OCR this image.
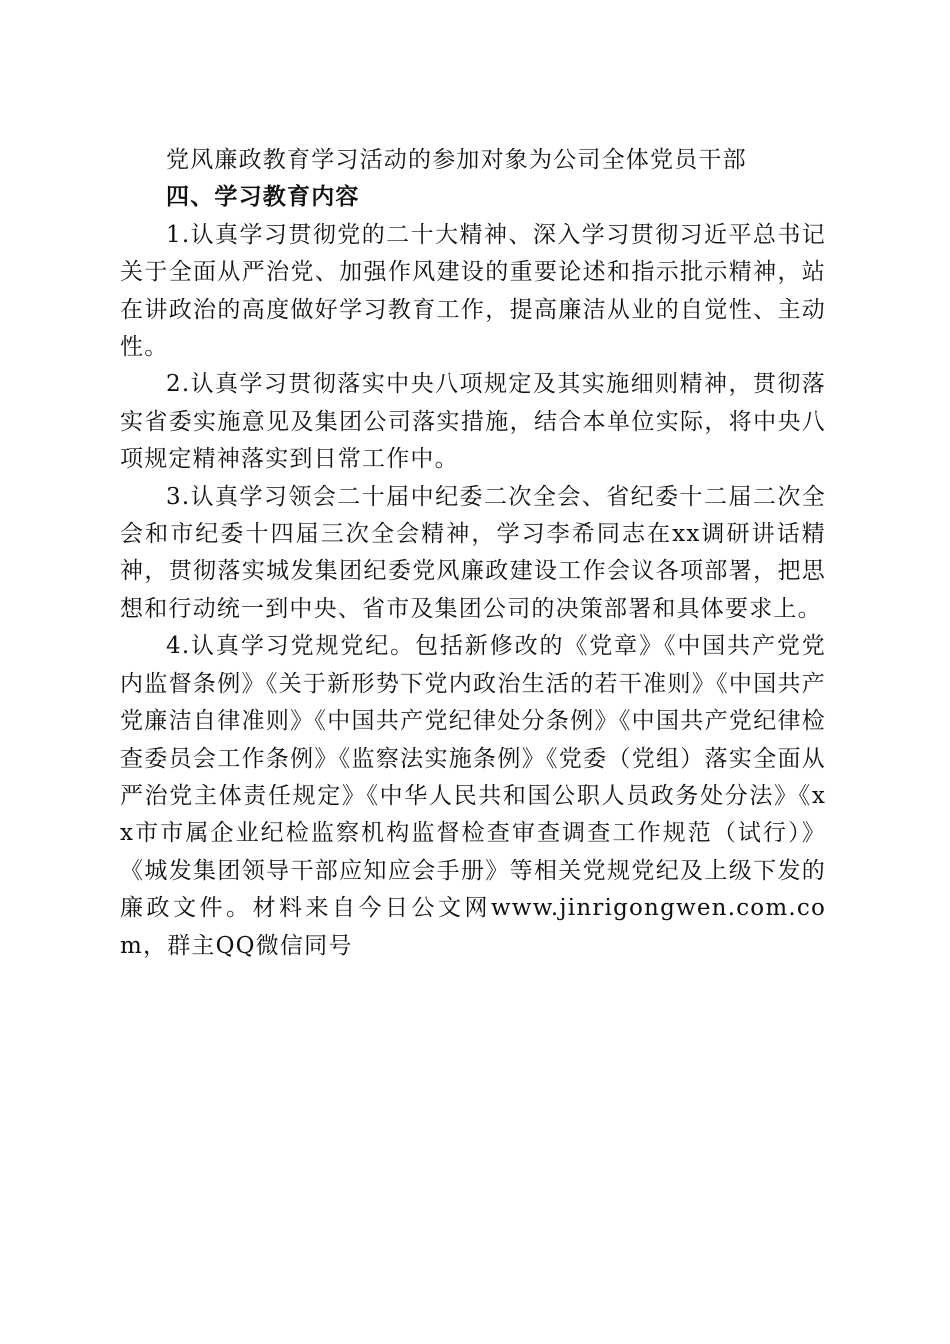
党风廉政教育学习活动的参加对象为公司全体党员干部

四、学习教育内容

1.认真学习贯彻党的二十大精神、深入学习贯彻习近平总书记关于全面从严治党、加强作风建设的重要论述和指示批示精神，站在讲政治的高度做好学习教育工作，提高廉洁从业的自觉性、主动性。

2.认真学习贯彻落实中央八项规定及其实施细则精神，贯彻落实省委实施意见及集团公司落实措施，结合本单位实际，将中央八项规定精神落实到日常工作中。

3.认真学习领会二十届中纪委二次全会、省纪委十二届二次全会和市纪委十四届三次全会精神，学习李希同志在xx调研讲话精神，贯彻落实城发集团纪委党风廉政建设工作会议各项部署，把思想和行动统一到中央、省市及集团公司的决策部署和具体要求上。

4.认真学习党规党纪。包括新修改的《党章》《中国共产党党内监督条例》《关于新形势下党内政治生活的若干准则》《中国共产党廉洁自律准则》《中国共产党纪律处分条例》《中国共产党纪律检查委员会工作条例》《监察法实施条例》《党委（党组）落实全面从严治党主体责任规定》《中华人民共和国公职人员政务处分法》《xx市市属企业纪检监察机构监督检查审查调查工作规范（试行）》《城发集团领导干部应知应会手册》等相关党规党纪及上级下发的廉政文件。材料来自今日公文网www.jinrigongwen.com.com，群主QQ微信同号
